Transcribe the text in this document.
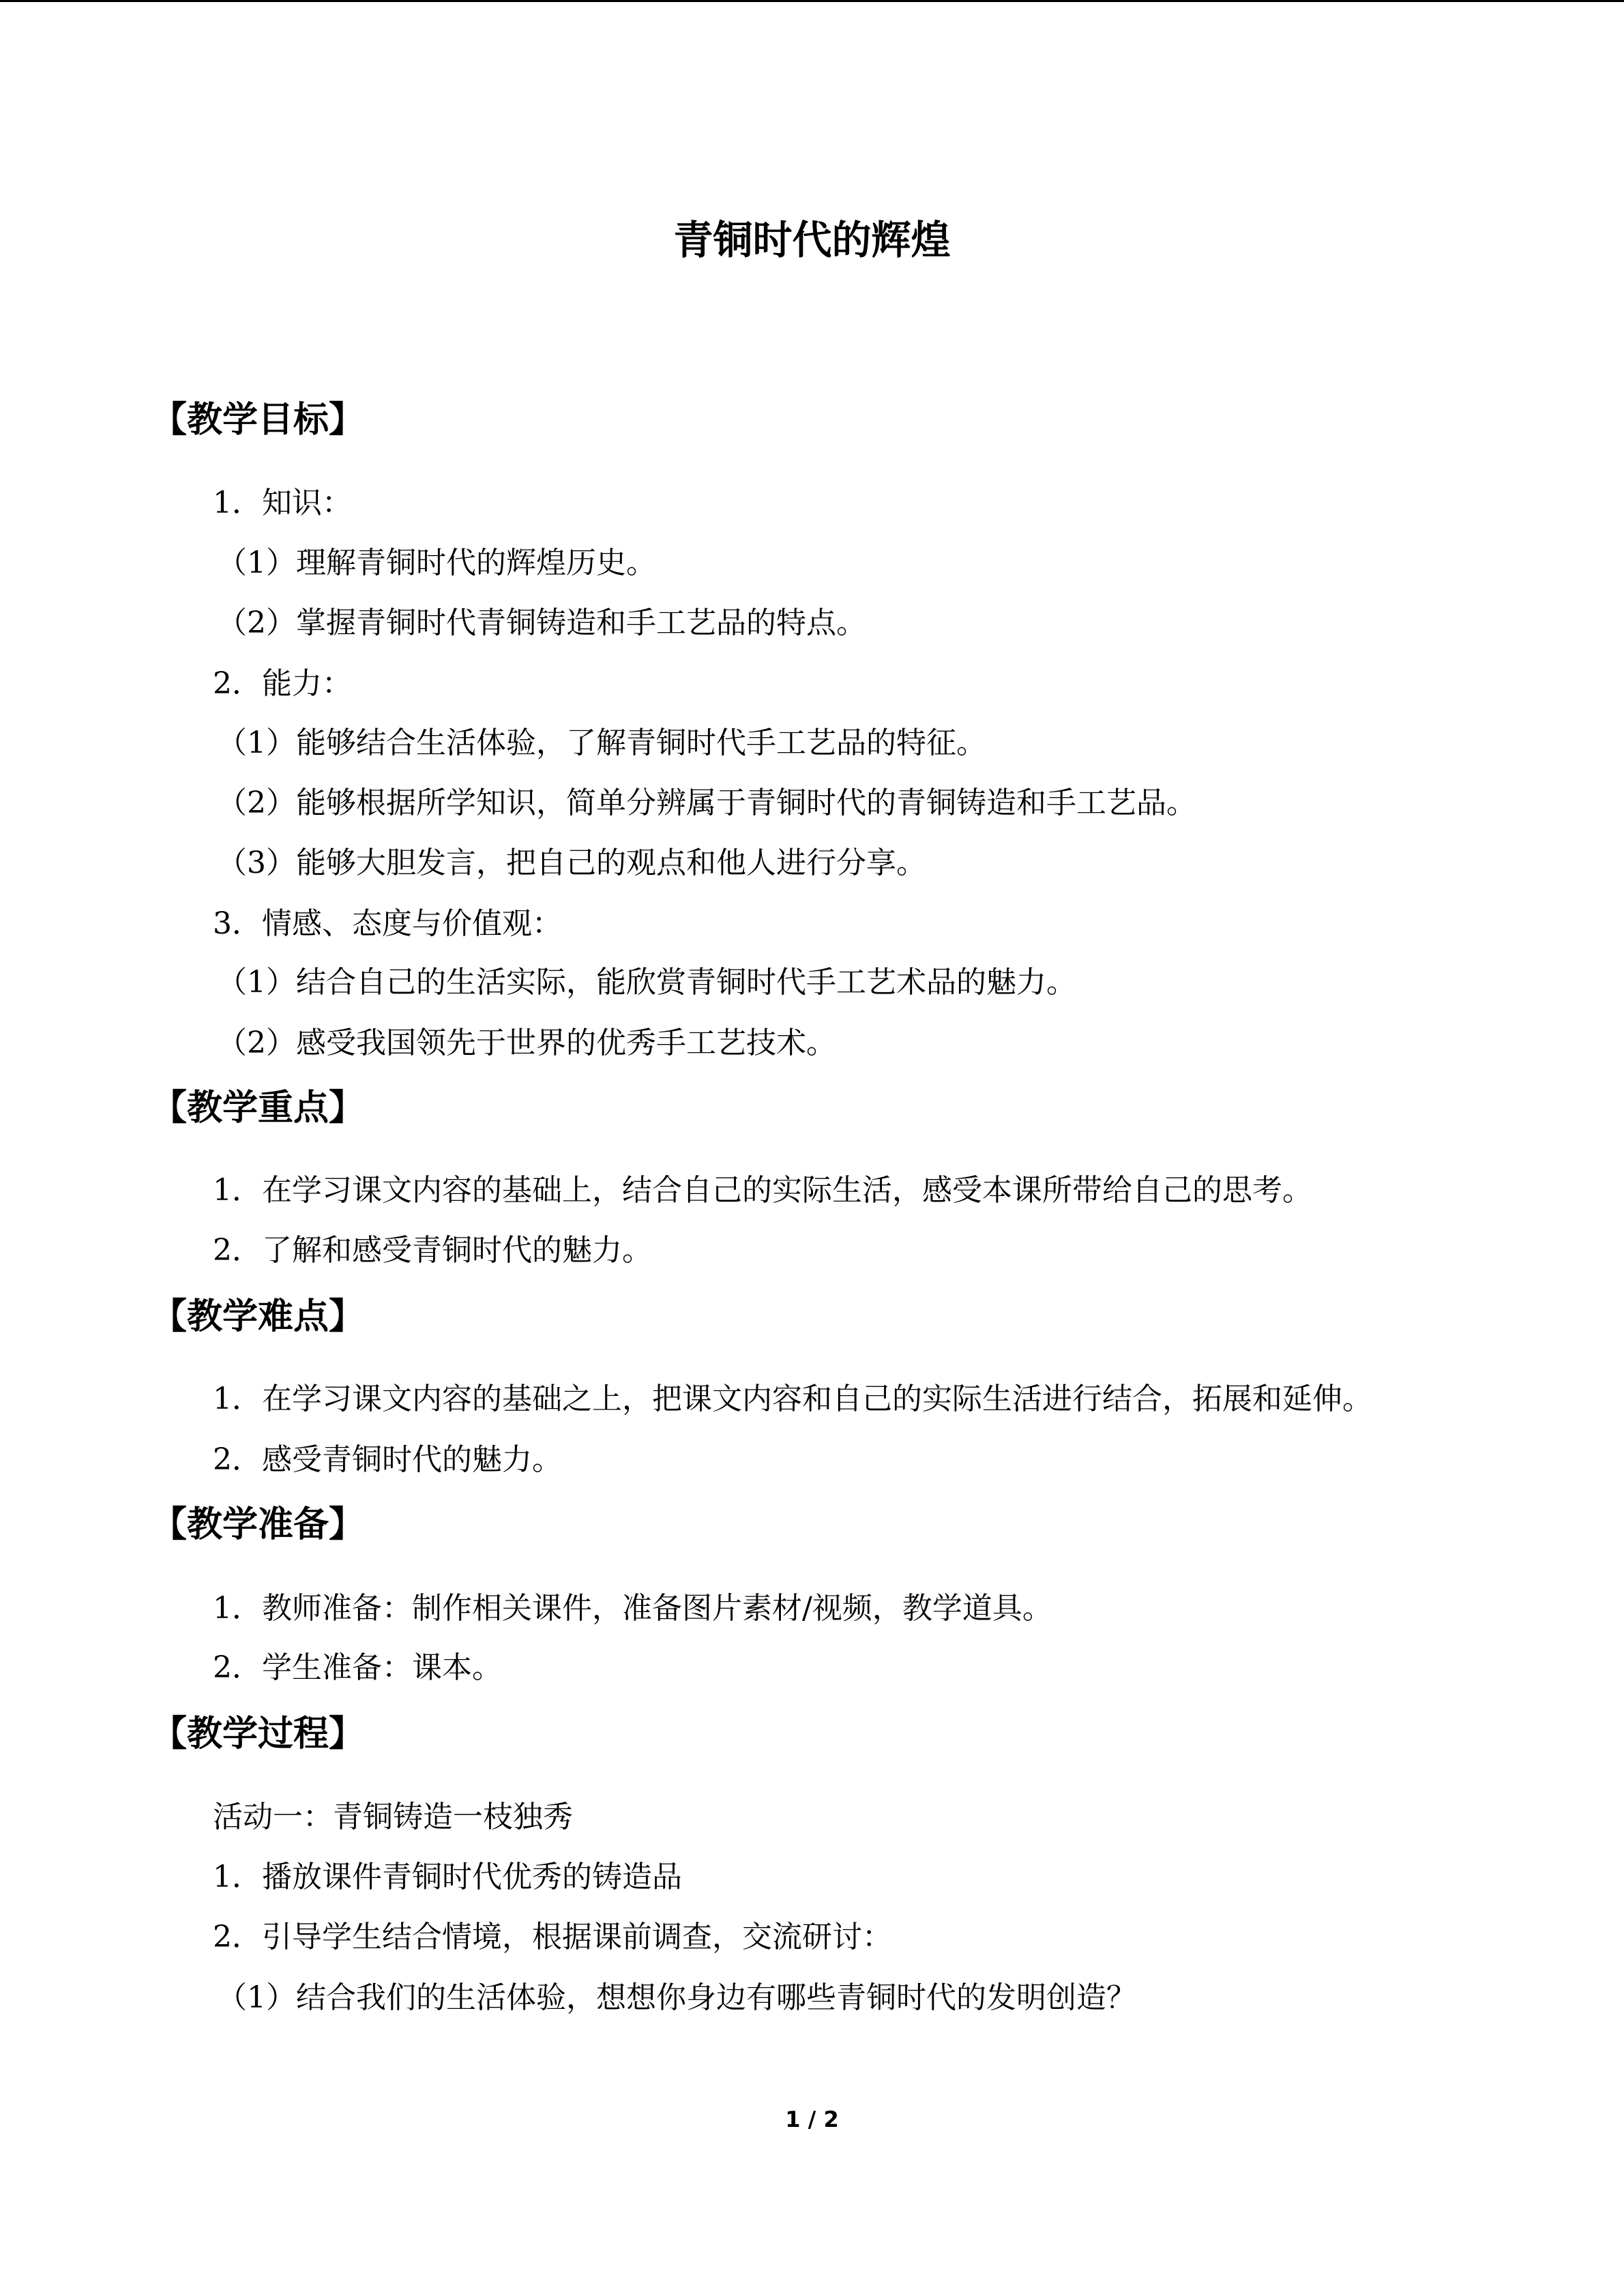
青铜时代的辉煌
【教学目标】
1．知识：
（1）理解青铜时代的辉煌历史。
（2）掌握青铜时代青铜铸造和手工艺品的特点。
2．能力：
（1）能够结合生活体验，了解青铜时代手工艺品的特征。
（2）能够根据所学知识，简单分辨属于青铜时代的青铜铸造和手工艺品。
（3）能够大胆发言，把自己的观点和他人进行分享。
3．情感、态度与价值观：
（1）结合自己的生活实际，能欣赏青铜时代手工艺术品的魅力。
（2）感受我国领先于世界的优秀手工艺技术。
【教学重点】
1．在学习课文内容的基础上，结合自己的实际生活，感受本课所带给自己的思考。
2．了解和感受青铜时代的魅力。
【教学难点】
1．在学习课文内容的基础之上，把课文内容和自己的实际生活进行结合，拓展和延伸。
2．感受青铜时代的魅力。
【教学准备】
1．教师准备：制作相关课件，准备图片素材/视频，教学道具。
2．学生准备：课本。
【教学过程】
活动一：青铜铸造一枝独秀
1．播放课件青铜时代优秀的铸造品
2．引导学生结合情境，根据课前调查，交流研讨：
（1）结合我们的生活体验，想想你身边有哪些青铜时代的发明创造？
1 / 2
